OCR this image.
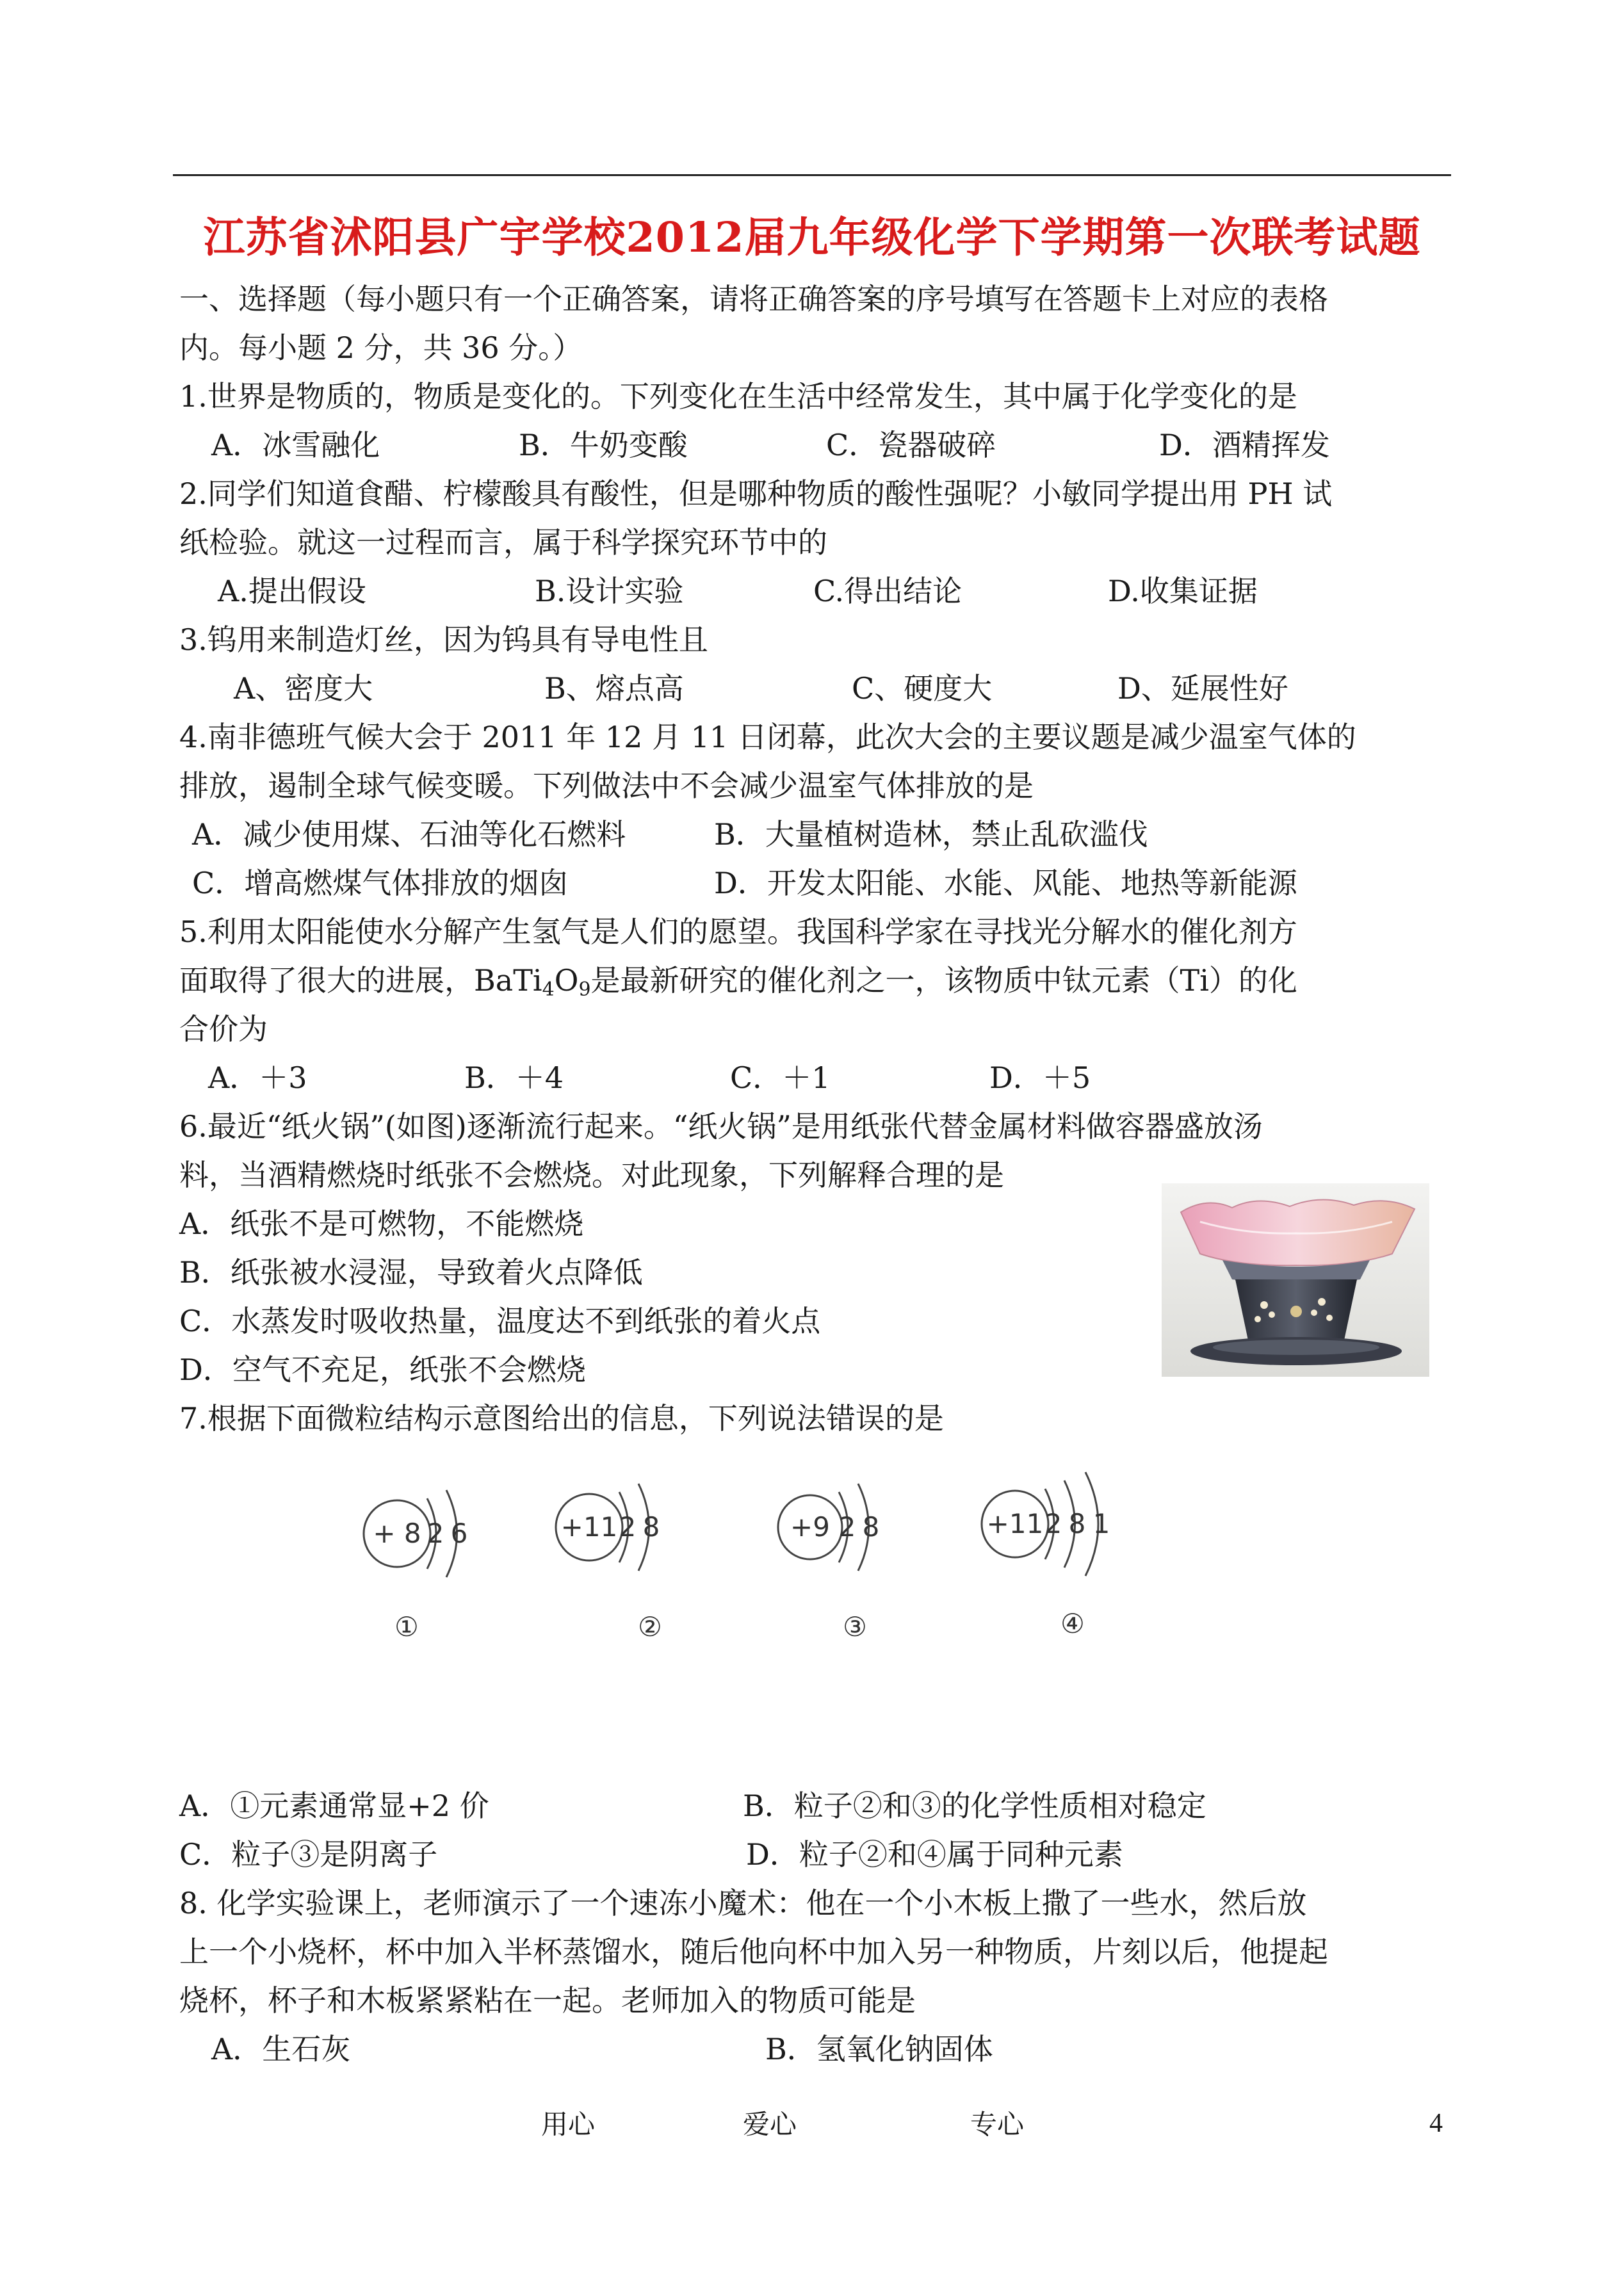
江苏省沭阳县广宇学校2012届九年级化学下学期第一次联考试题
一、选择题（每小题只有一个正确答案，请将正确答案的序号填写在答题卡上对应的表格
内。每小题 2 分，共 36 分。）
1.世界是物质的，物质是变化的。下列变化在生活中经常发生，其中属于化学变化的是
A．冰雪融化	B．牛奶变酸	C．瓷器破碎	D．酒精挥发
2.同学们知道食醋、柠檬酸具有酸性，但是哪种物质的酸性强呢？小敏同学提出用 PH 试
纸检验。就这一过程而言，属于科学探究环节中的
A.提出假设	B.设计实验	C.得出结论	D.收集证据
3.钨用来制造灯丝，因为钨具有导电性且
A、密度大	B、熔点高	C、硬度大	D、延展性好
4.南非德班气候大会于 2011 年 12 月 11 日闭幕，此次大会的主要议题是减少温室气体的
排放，遏制全球气候变暖。下列做法中不会减少温室气体排放的是
A．减少使用煤、石油等化石燃料	B．大量植树造林，禁止乱砍滥伐
C．增高燃煤气体排放的烟囱	D．开发太阳能、水能、风能、地热等新能源
5.利用太阳能使水分解产生氢气是人们的愿望。我国科学家在寻找光分解水的催化剂方
面取得了很大的进展，$BaTi_4O_9$是最新研究的催化剂之一，该物质中钛元素（Ti）的化
合价为
A．＋3	B．＋4	C．＋1	D．＋5
6.最近“纸火锅”(如图)逐渐流行起来。“纸火锅”是用纸张代替金属材料做容器盛放汤
料，当酒精燃烧时纸张不会燃烧。对此现象，下列解释合理的是
A．纸张不是可燃物，不能燃烧
B．纸张被水浸湿，导致着火点降低
C．水蒸发时吸收热量，温度达不到纸张的着火点
D．空气不充足，纸张不会燃烧
7.根据下面微粒结构示意图给出的信息，下列说法错误的是
+ 8 2 6
①
+11 2 8
②
+9 2 8
③
+11 2 8 1
④
A．①元素通常显+2 价	B．粒子②和③的化学性质相对稳定
C．粒子③是阴离子	D．粒子②和④属于同种元素
8. 化学实验课上，老师演示了一个速冻小魔术：他在一个小木板上撒了一些水，然后放
上一个小烧杯，杯中加入半杯蒸馏水，随后他向杯中加入另一种物质，片刻以后，他提起
烧杯，杯子和木板紧紧粘在一起。老师加入的物质可能是
A．生石灰	B．氢氧化钠固体
用心	爱心	专心	4
